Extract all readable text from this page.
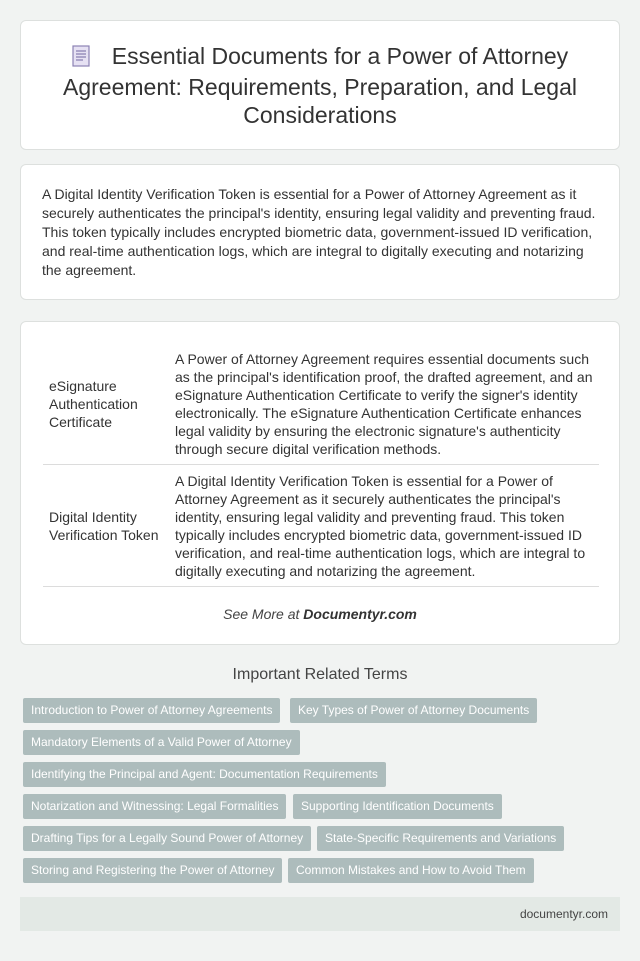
Essential Documents for a Power of Attorney Agreement: Requirements, Preparation, and Legal Considerations

A Digital Identity Verification Token is essential for a Power of Attorney Agreement as it securely authenticates the principal's identity, ensuring legal validity and preventing fraud. This token typically includes encrypted biometric data, government-issued ID verification, and real-time authentication logs, which are integral to digitally executing and notarizing the agreement.

eSignature Authentication Certificate	A Power of Attorney Agreement requires essential documents such as the principal's identification proof, the drafted agreement, and an eSignature Authentication Certificate to verify the signer's identity electronically. The eSignature Authentication Certificate enhances legal validity by ensuring the electronic signature's authenticity through secure digital verification methods.
Digital Identity Verification Token	A Digital Identity Verification Token is essential for a Power of Attorney Agreement as it securely authenticates the principal's identity, ensuring legal validity and preventing fraud. This token typically includes encrypted biometric data, government-issued ID verification, and real-time authentication logs, which are integral to digitally executing and notarizing the agreement.
See More at Documentyr.com
Important Related Terms
Introduction to Power of Attorney Agreements	Key Types of Power of Attorney Documents
Mandatory Elements of a Valid Power of Attorney
Identifying the Principal and Agent: Documentation Requirements
Notarization and Witnessing: Legal Formalities	Supporting Identification Documents
Drafting Tips for a Legally Sound Power of Attorney	State-Specific Requirements and Variations
Storing and Registering the Power of Attorney	Common Mistakes and How to Avoid Them
documentyr.com
